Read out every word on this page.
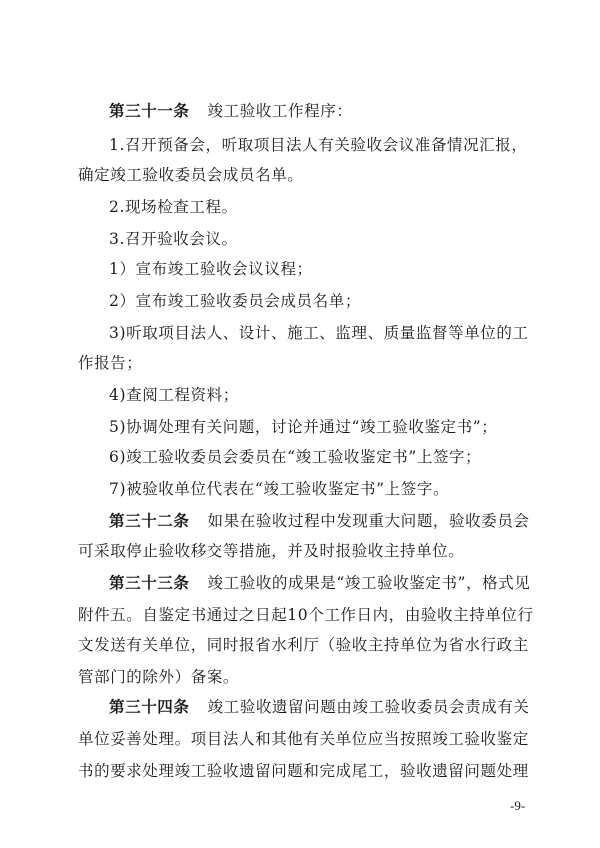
第三十一条 竣工验收工作程序：
1.召开预备会，听取项目法人有关验收会议准备情况汇报，
确定竣工验收委员会成员名单。
2.现场检查工程。
3.召开验收会议。
1）宣布竣工验收会议议程；
2）宣布竣工验收委员会成员名单；
3)听取项目法人、设计、施工、监理、质量监督等单位的工
作报告；
4)查阅工程资料；
5)协调处理有关问题，讨论并通过“竣工验收鉴定书”；
6)竣工验收委员会委员在“竣工验收鉴定书”上签字；
7)被验收单位代表在“竣工验收鉴定书”上签字。
第三十二条 如果在验收过程中发现重大问题，验收委员会
可采取停止验收移交等措施，并及时报验收主持单位。
第三十三条 竣工验收的成果是“竣工验收鉴定书”，格式见
附件五。自鉴定书通过之日起10个工作日内，由验收主持单位行
文发送有关单位，同时报省水利厅（验收主持单位为省水行政主
管部门的除外）备案。
第三十四条 竣工验收遗留问题由竣工验收委员会责成有关
单位妥善处理。项目法人和其他有关单位应当按照竣工验收鉴定
书的要求处理竣工验收遗留问题和完成尾工，验收遗留问题处理
-9-
